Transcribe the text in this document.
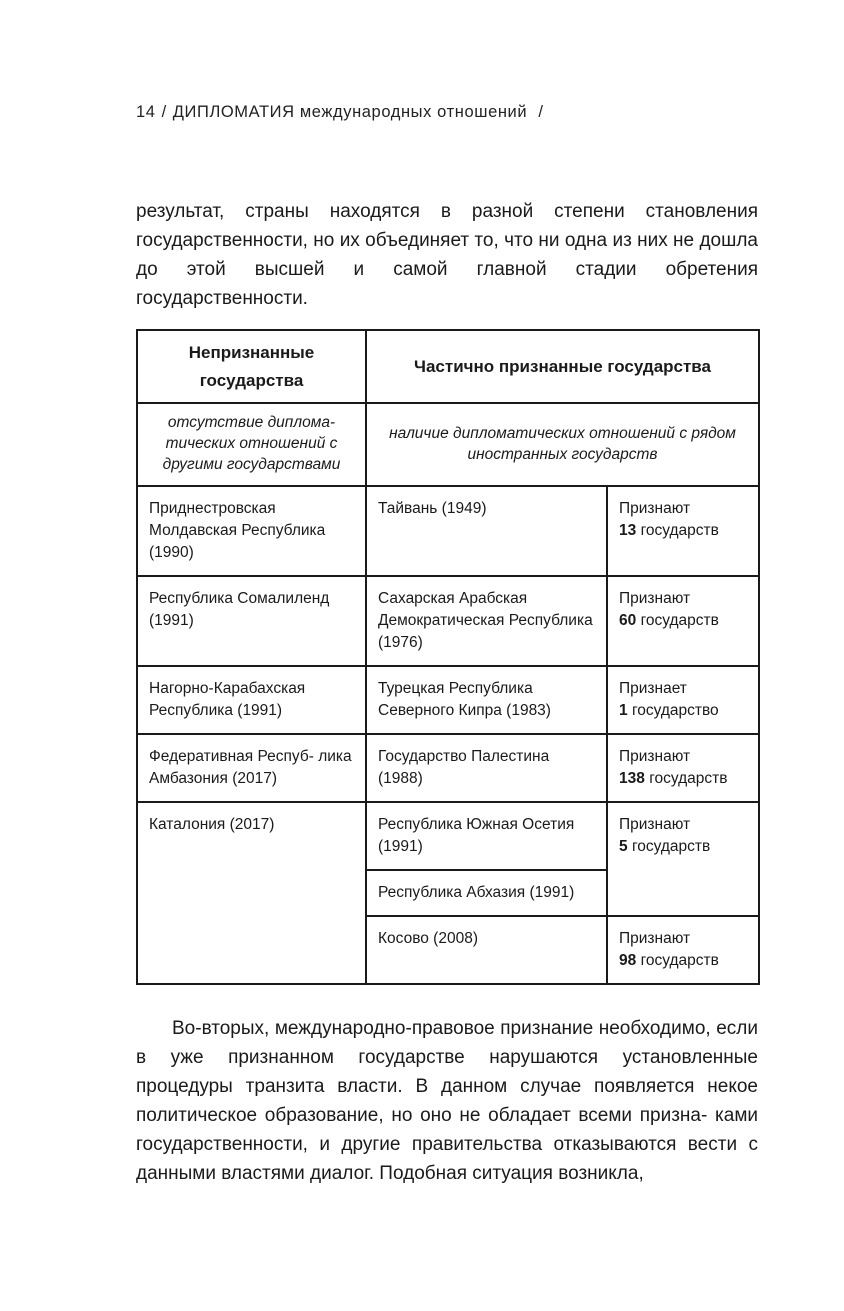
14 / ДИПЛОМАТИЯ международных отношений /

результат, страны находятся в разной степени становления государственности, но их объединяет то, что ни одна из них не дошла до этой высшей и самой главной стадии обретения государственности.

Непризнанные государства	Частично признанные государства	
отсутствие диплома- тических отношений с другими государствами	наличие дипломатических отношений с рядом иностранных государств	
Приднестровская Молдавская Республика (1990)	Тайвань (1949)	Признают
13 государств
Республика Сомалиленд (1991)	Сахарская Арабская Демократическая Республика (1976)	Признают
60 государств
Нагорно-Карабахская Республика (1991)	Турецкая Республика Северного Кипра (1983)	Признает
1 государство
Федеративная Респуб- лика Амбазония (2017)	Государство Палестина (1988)	Признают
138 государств
Каталония (2017)	Республика Южная Осетия (1991)	Признают
5 государств
	Республика Абхазия (1991)	
	Косово (2008)	Признают
98 государств

Во-вторых, международно-правовое признание необходимо, если в уже признанном государстве нарушаются установленные процедуры транзита власти. В данном случае появляется некое политическое образование, но оно не обладает всеми призна- ками государственности, и другие правительства отказываются вести с данными властями диалог. Подобная ситуация возникла,
